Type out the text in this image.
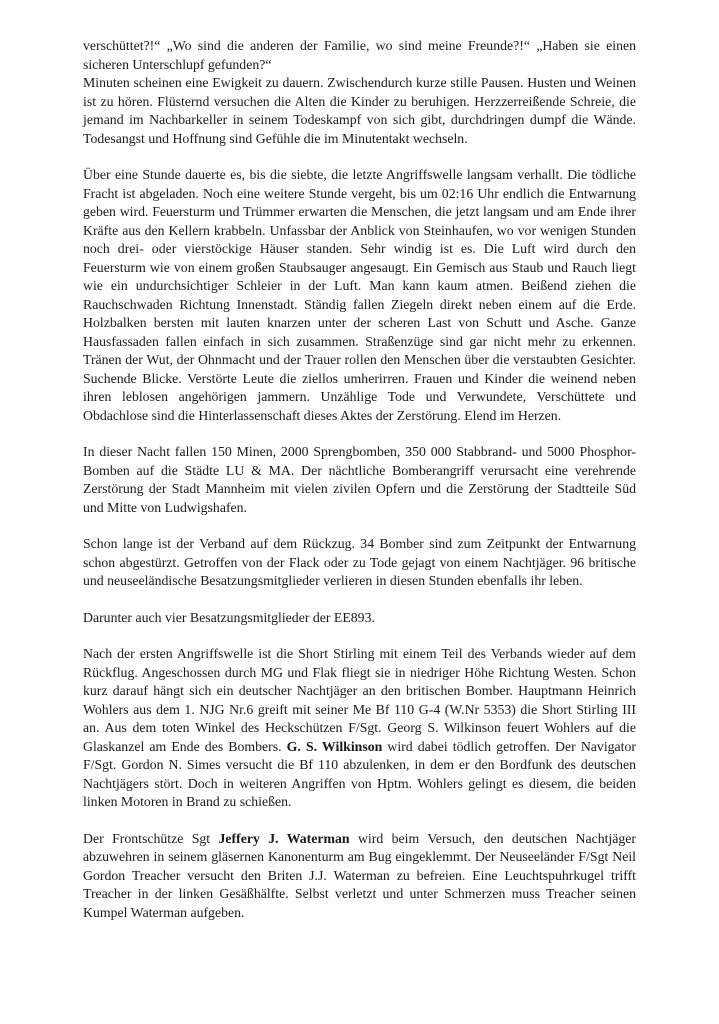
verschüttet?!“ „Wo sind die anderen der Familie, wo sind meine Freunde?!“ „Haben sie einen sicheren Unterschlupf gefunden?“

Minuten scheinen eine Ewigkeit zu dauern. Zwischendurch kurze stille Pausen. Husten und Weinen ist zu hören. Flüsternd versuchen die Alten die Kinder zu beruhigen. Herzzerreißende Schreie, die jemand im Nachbarkeller in seinem Todeskampf von sich gibt, durchdringen dumpf die Wände. Todesangst und Hoffnung sind Gefühle die im Minutentakt wechseln.

Über eine Stunde dauerte es, bis die siebte, die letzte Angriffswelle langsam verhallt. Die tödliche Fracht ist abgeladen. Noch eine weitere Stunde vergeht, bis um 02:16 Uhr endlich die Entwarnung geben wird. Feuersturm und Trümmer erwarten die Menschen, die jetzt langsam und am Ende ihrer Kräfte aus den Kellern krabbeln. Unfassbar der Anblick von Steinhaufen, wo vor wenigen Stunden noch drei- oder vierstöckige Häuser standen. Sehr windig ist es. Die Luft wird durch den Feuersturm wie von einem großen Staubsauger angesaugt. Ein Gemisch aus Staub und Rauch liegt wie ein undurchsichtiger Schleier in der Luft. Man kann kaum atmen. Beißend ziehen die Rauchschwaden Richtung Innenstadt. Ständig fallen Ziegeln direkt neben einem auf die Erde. Holzbalken bersten mit lauten knarzen unter der scheren Last von Schutt und Asche. Ganze Hausfassaden fallen einfach in sich zusammen. Straßenzüge sind gar nicht mehr zu erkennen. Tränen der Wut, der Ohnmacht und der Trauer rollen den Menschen über die verstaubten Gesichter. Suchende Blicke. Verstörte Leute die ziellos umherirren. Frauen und Kinder die weinend neben ihren leblosen angehörigen jammern. Unzählige Tode und Verwundete, Verschüttete und Obdachlose sind die Hinterlassenschaft dieses Aktes der Zerstörung. Elend im Herzen.

In dieser Nacht fallen 150 Minen, 2000 Sprengbomben, 350 000 Stabbrand- und 5000 Phosphor- Bomben auf die Städte LU & MA. Der nächtliche Bomberangriff verursacht eine verehrende Zerstörung der Stadt Mannheim mit vielen zivilen Opfern und die Zerstörung der Stadtteile Süd und Mitte von Ludwigshafen.

Schon lange ist der Verband auf dem Rückzug. 34 Bomber sind zum Zeitpunkt der Entwarnung schon abgestürzt. Getroffen von der Flack oder zu Tode gejagt von einem Nachtjäger. 96 britische und neuseeländische Besatzungsmitglieder verlieren in diesen Stunden ebenfalls ihr leben.

Darunter auch vier Besatzungsmitglieder der EE893.

Nach der ersten Angriffswelle ist die Short Stirling mit einem Teil des Verbands wieder auf dem Rückflug. Angeschossen durch MG und Flak fliegt sie in niedriger Höhe Richtung Westen. Schon kurz darauf hängt sich ein deutscher Nachtjäger an den britischen Bomber. Hauptmann Heinrich Wohlers aus dem 1. NJG Nr.6 greift mit seiner Me Bf 110 G-4 (W.Nr 5353) die Short Stirling III an. Aus dem toten Winkel des Heckschützen F/Sgt. Georg S. Wilkinson feuert Wohlers auf die Glaskanzel am Ende des Bombers. G. S. Wilkinson wird dabei tödlich getroffen. Der Navigator F/Sgt. Gordon N. Simes versucht die Bf 110 abzulenken, in dem er den Bordfunk des deutschen Nachtjägers stört. Doch in weiteren Angriffen von Hptm. Wohlers gelingt es diesem, die beiden linken Motoren in Brand zu schießen.

Der Frontschütze Sgt Jeffery J. Waterman wird beim Versuch, den deutschen Nachtjäger abzuwehren in seinem gläsernen Kanonenturm am Bug eingeklemmt. Der Neuseeländer F/Sgt Neil Gordon Treacher versucht den Briten J.J. Waterman zu befreien. Eine Leuchtspuhrkugel trifft Treacher in der linken Gesäßhälfte. Selbst verletzt und unter Schmerzen muss Treacher seinen Kumpel Waterman aufgeben.
